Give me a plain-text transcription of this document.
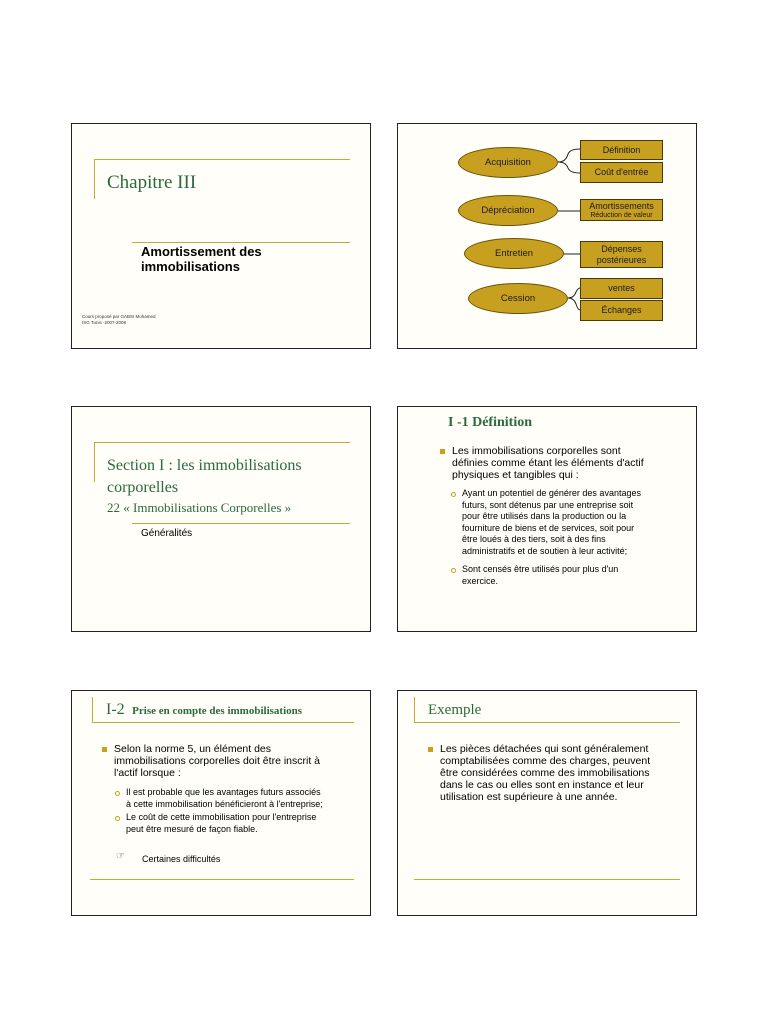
Chapitre III
Amortissement des
immobilisations
Cours proposé par GABSI Mohamed
ISG Tunis -2007-2008
Acquisition
Dépréciation
Entretien
Cession
Définition
Coût d'entrée
Amortissements
Réduction de valeur
Dépenses
postérieures
ventes
Échanges
Section I : les immobilisations
corporelles
22 « Immobilisations Corporelles »
Généralités
I -1 Définition
Les immobilisations corporelles sont
définies comme étant les éléments d'actif
physiques et tangibles qui :
Ayant un potentiel de générer des avantages
futurs, sont détenus par une entreprise soit
pour être utilisés dans la production ou la
fourniture de biens et de services, soit pour
être loués à des tiers, soit à des fins
administratifs et de soutien à leur activité;
Sont censés être utilisés pour plus d'un
exercice.
I-2 Prise en compte des immobilisations
Selon la norme 5, un élément des
immobilisations corporelles doit être inscrit à
l'actif lorsque :
Il est probable que les avantages futurs associés
à cette immobilisation bénéficieront à l'entreprise;
Le coût de cette immobilisation pour l'entreprise
peut être mesuré de façon fiable.
☞ Certaines difficultés
Exemple
Les pièces détachées qui sont généralement
comptabilisées comme des charges, peuvent
être considérées comme des immobilisations
dans le cas ou elles sont en instance et leur
utilisation est supérieure à une année.
